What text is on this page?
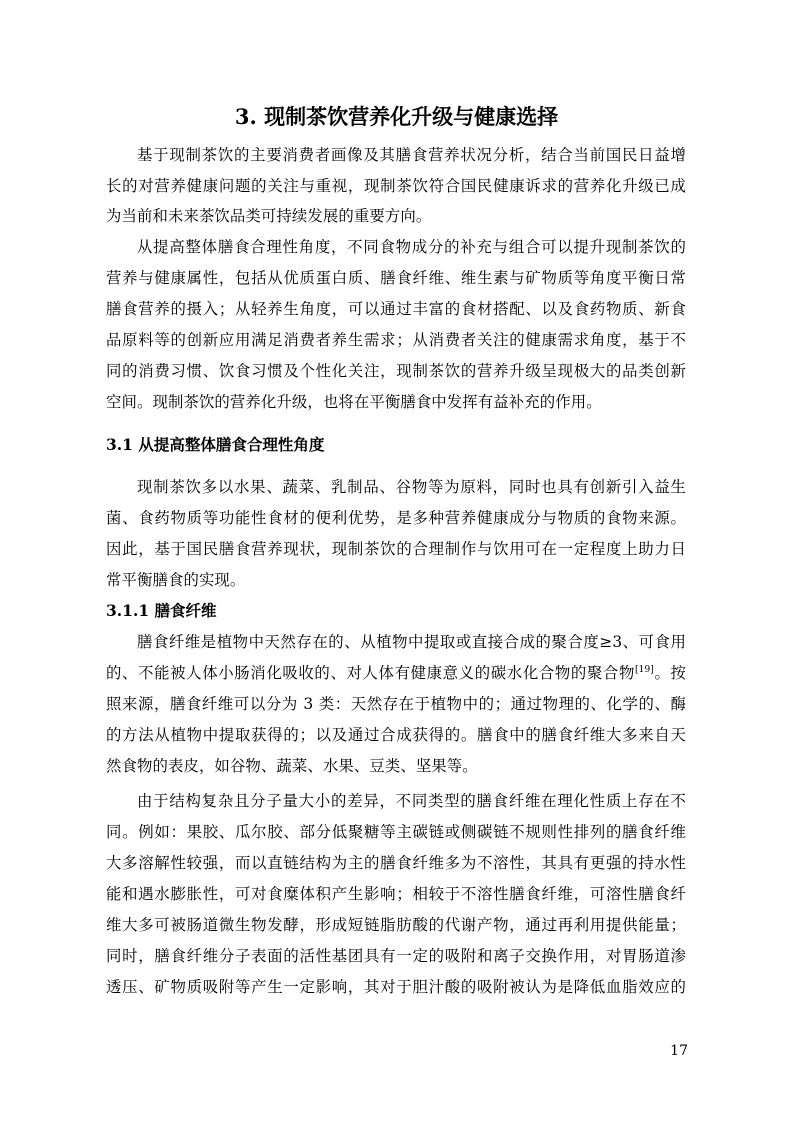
3. 现制茶饮营养化升级与健康选择
基于现制茶饮的主要消费者画像及其膳食营养状况分析，结合当前国民日益增
长的对营养健康问题的关注与重视，现制茶饮符合国民健康诉求的营养化升级已成
为当前和未来茶饮品类可持续发展的重要方向。
从提高整体膳食合理性角度，不同食物成分的补充与组合可以提升现制茶饮的
营养与健康属性，包括从优质蛋白质、膳食纤维、维生素与矿物质等角度平衡日常
膳食营养的摄入；从轻养生角度，可以通过丰富的食材搭配、以及食药物质、新食
品原料等的创新应用满足消费者养生需求；从消费者关注的健康需求角度，基于不
同的消费习惯、饮食习惯及个性化关注，现制茶饮的营养升级呈现极大的品类创新
空间。现制茶饮的营养化升级，也将在平衡膳食中发挥有益补充的作用。
3.1 从提高整体膳食合理性角度
现制茶饮多以水果、蔬菜、乳制品、谷物等为原料，同时也具有创新引入益生
菌、食药物质等功能性食材的便利优势，是多种营养健康成分与物质的食物来源。
因此，基于国民膳食营养现状，现制茶饮的合理制作与饮用可在一定程度上助力日
常平衡膳食的实现。
3.1.1 膳食纤维
膳食纤维是植物中天然存在的、从植物中提取或直接合成的聚合度≥3、可食用
的、不能被人体小肠消化吸收的、对人体有健康意义的碳水化合物的聚合物[19]。按
照来源，膳食纤维可以分为 3 类：天然存在于植物中的；通过物理的、化学的、酶
的方法从植物中提取获得的；以及通过合成获得的。膳食中的膳食纤维大多来自天
然食物的表皮，如谷物、蔬菜、水果、豆类、坚果等。
由于结构复杂且分子量大小的差异，不同类型的膳食纤维在理化性质上存在不
同。例如：果胶、瓜尔胶、部分低聚糖等主碳链或侧碳链不规则性排列的膳食纤维
大多溶解性较强，而以直链结构为主的膳食纤维多为不溶性，其具有更强的持水性
能和遇水膨胀性，可对食糜体积产生影响；相较于不溶性膳食纤维，可溶性膳食纤
维大多可被肠道微生物发酵，形成短链脂肪酸的代谢产物，通过再利用提供能量；
同时，膳食纤维分子表面的活性基团具有一定的吸附和离子交换作用，对胃肠道渗
透压、矿物质吸附等产生一定影响，其对于胆汁酸的吸附被认为是降低血脂效应的
17
